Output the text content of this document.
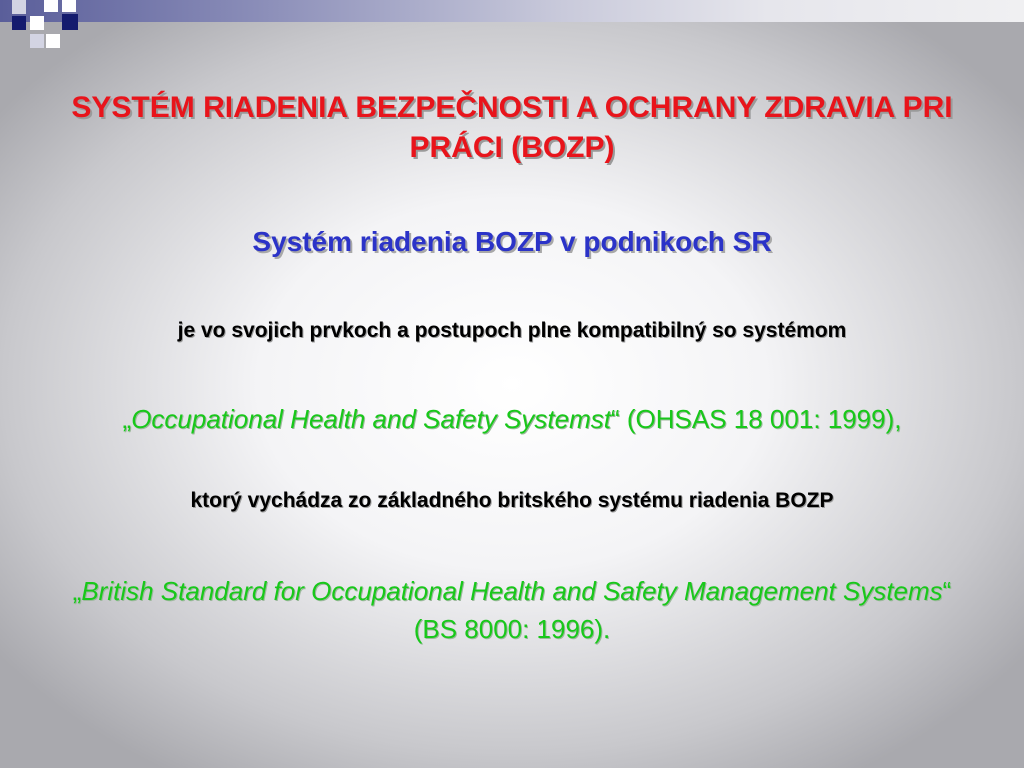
SYSTÉM RIADENIA BEZPEČNOSTI A OCHRANY ZDRAVIA PRI PRÁCI (BOZP)

Systém riadenia BOZP v podnikoch SR

je vo svojich prvkoch a postupoch plne kompatibilný so systémom

„Occupational Health and Safety Systemst“ (OHSAS 18 001: 1999),

ktorý vychádza zo základného britského systému riadenia BOZP

„British Standard for Occupational Health and Safety Management Systems“ (BS 8000: 1996).
